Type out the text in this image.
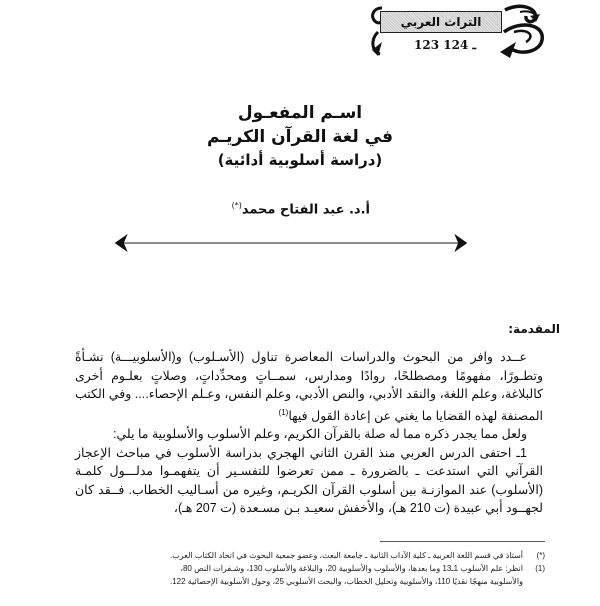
التراث العربي
123 ـ 124
اسـم المفعـول
في لغة القرآن الكريـم
(دراسة أسلوبية أدائية)
أ.د. عبد الفتاح محمد(*)
المقدمة:

عــدد وافر من البحوث والدراسات المعاصرة تناول (الأسـلوب) و(الأسلوبيـــة) نشـأةً وتطـورًا، مفهومًا ومصطلحًا، روادًا ومدارس، سمــاتٍ ومحدِّداتٍ، وصلاتٍ بعلـوم أخرى كالبلاغة، وعلم اللغة، والنقد الأدبي، والنص الأدبي، وعلم النفس، وعـلم الإحصاء.... وفي الكتب المصنفة لهذه القضايا ما يغني عن إعادة القول فيها$^{(1)}$

ولعل مما يجدر ذكره مما له صلة بالقرآن الكريم، وعلم الأسلوب والأسلوبية ما يلي:

1ـ احتفى الدرس العربي منذ القرن الثاني الهجري بدراسة الأسلوب في مباحث الإعجاز القرآني التي استدعت ـ بالضرورة ـ ممن تعرضوا للتفسـير أن يتفهمـوا مدلـــول كلمـة (الأسلوب) عند الموازنـة بين أسلوب القرآن الكريـم، وغيره من أسـاليب الخطاب. فــقد كان لجهــود أبي عبيدة (ت 210 هـ)، والأخفش سعيـد بـن مسـعدة (ت 207 هـ)،

(*)
أستاذ في قسم اللغة العربية ـ كلية الآداب الثانية ـ جامعة البعث، وعضو جمعية البحوث في اتحاد الكتاب العرب.
(1)
انظر: علم الأسلوب 1ـ13 وما بعدها، والأسلوب والأسلوبية 20، والبلاغة والأسلوب 130، وشـفرات النص 80،
والأسلوبية منهجًا نقديًا 110، والأسلوبية وتحليل الخطاب، والبحث الأسلوبي 25، وحول الأسلوبية الإحصائية 122.
